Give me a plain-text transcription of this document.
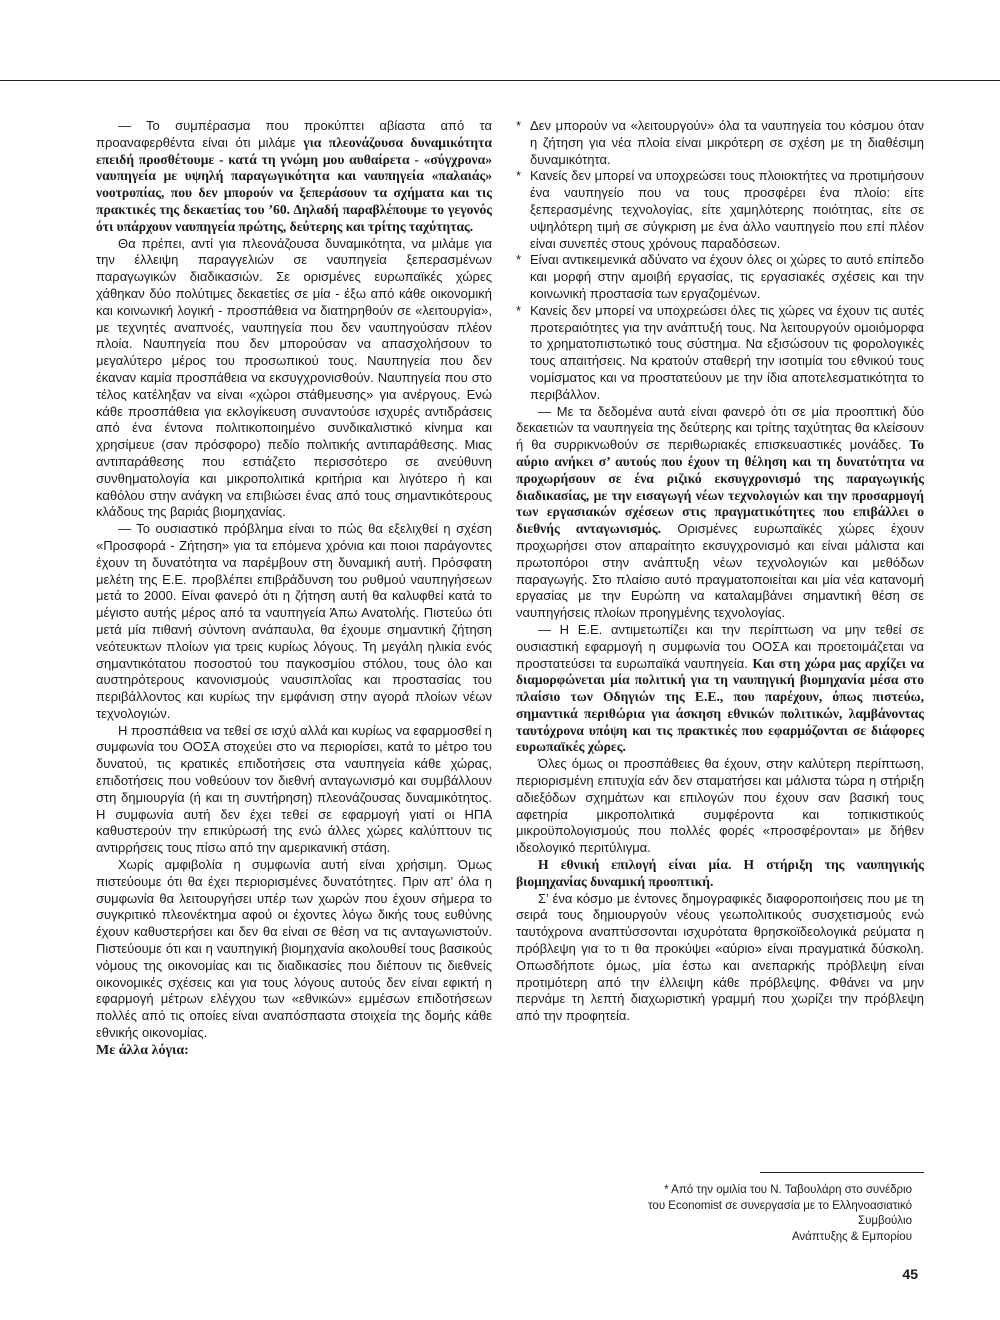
— Το συμπέρασμα που προκύπτει αβίαστα από τα προαναφερθέντα είναι ότι μιλάμε για πλεονάζουσα δυναμικότητα επειδή προσθέτουμε - κατά τη γνώμη μου αυθαίρετα - «σύγχρονα» ναυπηγεία με υψηλή παραγωγικότητα και ναυπηγεία «παλαιάς» νοοτροπίας, που δεν μπορούν να ξεπεράσουν τα σχήματα και τις πρακτικές της δεκαετίας του ’60. Δηλαδή παραβλέπουμε το γεγονός ότι υπάρχουν ναυπηγεία πρώτης, δεύτερης και τρίτης ταχύτητας.

Θα πρέπει, αντί για πλεονάζουσα δυναμικότητα, να μιλάμε για την έλλειψη παραγγελιών σε ναυπηγεία ξεπερασμένων παραγωγικών διαδικασιών. Σε ορισμένες ευρωπαϊκές χώρες χάθηκαν δύο πολύτιμες δεκαετίες σε μία - έξω από κάθε οικονομική και κοινωνική λογική - προσπάθεια να διατηρηθούν σε «λειτουργία», με τεχνητές αναπνοές, ναυπηγεία που δεν ναυπηγούσαν πλέον πλοία. Ναυπηγεία που δεν μπορούσαν να απασχολήσουν το μεγαλύτερο μέρος του προσωπικού τους. Ναυπηγεία που δεν έκαναν καμία προσπάθεια να εκσυγχρονισθούν. Ναυπηγεία που στο τέλος κατέληξαν να είναι «χώροι στάθμευσης» για ανέργους. Ενώ κάθε προσπάθεια για εκλογίκευση συναντούσε ισχυρές αντιδράσεις από ένα έντονα πολιτικοποιημένο συνδικαλιστικό κίνημα και χρησίμευε (σαν πρόσφορο) πεδίο πολιτικής αντιπαράθεσης. Μιας αντιπαράθεσης που εστιάζετο περισσότερο σε ανεύθυνη συνθηματολογία και μικροπολιτικά κριτήρια και λιγότερο ή και καθόλου στην ανάγκη να επιβιώσει ένας από τους σημαντικότερους κλάδους της βαριάς βιομηχανίας.

— Το ουσιαστικό πρόβλημα είναι το πώς θα εξελιχθεί η σχέση «Προσφορά - Ζήτηση» για τα επόμενα χρόνια και ποιοι παράγοντες έχουν τη δυνατότητα να παρέμβουν στη δυναμική αυτή. Πρόσφατη μελέτη της Ε.Ε. προβλέπει επιβράδυνση του ρυθμού ναυπηγήσεων μετά το 2000. Είναι φανερό ότι η ζήτηση αυτή θα καλυφθεί κατά το μέγιστο αυτής μέρος από τα ναυπηγεία Άπω Ανατολής. Πιστεύω ότι μετά μία πιθανή σύντονη ανάπαυλα, θα έχουμε σημαντική ζήτηση νεότευκτων πλοίων για τρεις κυρίως λόγους. Τη μεγάλη ηλικία ενός σημαντικότατου ποσοστού του παγκοσμίου στόλου, τους όλο και αυστηρότερους κανονισμούς ναυσιπλοΐας και προστασίας του περιβάλλοντος και κυρίως την εμφάνιση στην αγορά πλοίων νέων τεχνολογιών.

Η προσπάθεια να τεθεί σε ισχύ αλλά και κυρίως να εφαρμοσθεί η συμφωνία του ΟΟΣΑ στοχεύει στο να περιορίσει, κατά το μέτρο του δυνατού, τις κρατικές επιδοτήσεις στα ναυπηγεία κάθε χώρας, επιδοτήσεις που νοθεύουν τον διεθνή ανταγωνισμό και συμβάλλουν στη δημιουργία (ή και τη συντήρηση) πλεονάζουσας δυναμικότητος. Η συμφωνία αυτή δεν έχει τεθεί σε εφαρμογή γιατί οι ΗΠΑ καθυστερούν την επικύρωσή της ενώ άλλες χώρες καλύπτουν τις αντιρρήσεις τους πίσω από την αμερικανική στάση.

Χωρίς αμφιβολία η συμφωνία αυτή είναι χρήσιμη. Όμως πιστεύουμε ότι θα έχει περιορισμένες δυνατότητες. Πριν απ’ όλα η συμφωνία θα λειτουργήσει υπέρ των χωρών που έχουν σήμερα το συγκριτικό πλεονέκτημα αφού οι έχοντες λόγω δικής τους ευθύνης έχουν καθυστερήσει και δεν θα είναι σε θέση να τις ανταγωνιστούν. Πιστεύουμε ότι και η ναυπηγική βιομηχανία ακολουθεί τους βασικούς νόμους της οικονομίας και τις διαδικασίες που διέπουν τις διεθνείς οικονομικές σχέσεις και για τους λόγους αυτούς δεν είναι εφικτή η εφαρμογή μέτρων ελέγχου των «εθνικών» εμμέσων επιδοτήσεων πολλές από τις οποίες είναι αναπόσπαστα στοιχεία της δομής κάθε εθνικής οικονομίας.

Με άλλα λόγια:
* Δεν μπορούν να «λειτουργούν» όλα τα ναυπηγεία του κόσμου όταν η ζήτηση για νέα πλοία είναι μικρότερη σε σχέση με τη διαθέσιμη δυναμικότητα.
* Κανείς δεν μπορεί να υποχρεώσει τους πλοιοκτήτες να προτιμήσουν ένα ναυπηγείο που να τους προσφέρει ένα πλοίο: είτε ξεπερασμένης τεχνολογίας, είτε χαμηλότερης ποιότητας, είτε σε υψηλότερη τιμή σε σύγκριση με ένα άλλο ναυπηγείο που επί πλέον είναι συνεπές στους χρόνους παραδόσεων.
* Είναι αντικειμενικά αδύνατο να έχουν όλες οι χώρες το αυτό επίπεδο και μορφή στην αμοιβή εργασίας, τις εργασιακές σχέσεις και την κοινωνική προστασία των εργαζομένων.
* Κανείς δεν μπορεί να υποχρεώσει όλες τις χώρες να έχουν τις αυτές προτεραιότητες για την ανάπτυξή τους. Να λειτουργούν ομοιόμορφα το χρηματοπιστωτικό τους σύστημα. Να εξισώσουν τις φορολογικές τους απαιτήσεις. Να κρατούν σταθερή την ισοτιμία του εθνικού τους νομίσματος και να προστατεύουν με την ίδια αποτελεσματικότητα το περιβάλλον.

— Με τα δεδομένα αυτά είναι φανερό ότι σε μία προοπτική δύο δεκαετιών τα ναυπηγεία της δεύτερης και τρίτης ταχύτητας θα κλείσουν ή θα συρρικνωθούν σε περιθωριακές επισκευαστικές μονάδες. Το αύριο ανήκει σ’ αυτούς που έχουν τη θέληση και τη δυνατότητα να προχωρήσουν σε ένα ριζικό εκσυγχρονισμό της παραγωγικής διαδικασίας, με την εισαγωγή νέων τεχνολογιών και την προσαρμογή των εργασιακών σχέσεων στις πραγματικότητες που επιβάλλει ο διεθνής ανταγωνισμός. Ορισμένες ευρωπαϊκές χώρες έχουν προχωρήσει στον απαραίτητο εκσυγχρονισμό και είναι μάλιστα και πρωτοπόροι στην ανάπτυξη νέων τεχνολογιών και μεθόδων παραγωγής. Στο πλαίσιο αυτό πραγματοποιείται και μία νέα κατανομή εργασίας με την Ευρώπη να καταλαμβάνει σημαντική θέση σε ναυπηγήσεις πλοίων προηγμένης τεχνολογίας.

— Η Ε.Ε. αντιμετωπίζει και την περίπτωση να μην τεθεί σε ουσιαστική εφαρμογή η συμφωνία του ΟΟΣΑ και προετοιμάζεται να προστατεύσει τα ευρωπαϊκά ναυπηγεία. Και στη χώρα μας αρχίζει να διαμορφώνεται μία πολιτική για τη ναυπηγική βιομηχανία μέσα στο πλαίσιο των Οδηγιών της Ε.Ε., που παρέχουν, όπως πιστεύω, σημαντικά περιθώρια για άσκηση εθνικών πολιτικών, λαμβάνοντας ταυτόχρονα υπόψη και τις πρακτικές που εφαρμόζονται σε διάφορες ευρωπαϊκές χώρες.

Όλες όμως οι προσπάθειες θα έχουν, στην καλύτερη περίπτωση, περιορισμένη επιτυχία εάν δεν σταματήσει και μάλιστα τώρα η στήριξη αδιεξόδων σχημάτων και επιλογών που έχουν σαν βασική τους αφετηρία μικροπολιτικά συμφέροντα και τοπικιστικούς μικροϋπολογισμούς που πολλές φορές «προσφέρονται» με δήθεν ιδεολογικό περιτύλιγμα.

Η εθνική επιλογή είναι μία. Η στήριξη της ναυπηγικής βιομηχανίας δυναμική προοπτική.

Σ’ ένα κόσμο με έντονες δημογραφικές διαφοροποιήσεις που με τη σειρά τους δημιουργούν νέους γεωπολιτικούς συσχετισμούς ενώ ταυτόχρονα αναπτύσσονται ισχυρότατα θρησκοϊδεολογικά ρεύματα η πρόβλεψη για το τι θα προκύψει «αύριο» είναι πραγματικά δύσκολη. Οπωσδήποτε όμως, μία έστω και ανεπαρκής πρόβλεψη είναι προτιμότερη από την έλλειψη κάθε πρόβλεψης. Φθάνει να μην περνάμε τη λεπτή διαχωριστική γραμμή που χωρίζει την πρόβλεψη από την προφητεία.

* Από την ομιλία του Ν. Ταβουλάρη στο συνέδριο
του Economist σε συνεργασία με το Ελληνοασιατικό Συμβούλιο
Ανάπτυξης & Εμπορίου
45
